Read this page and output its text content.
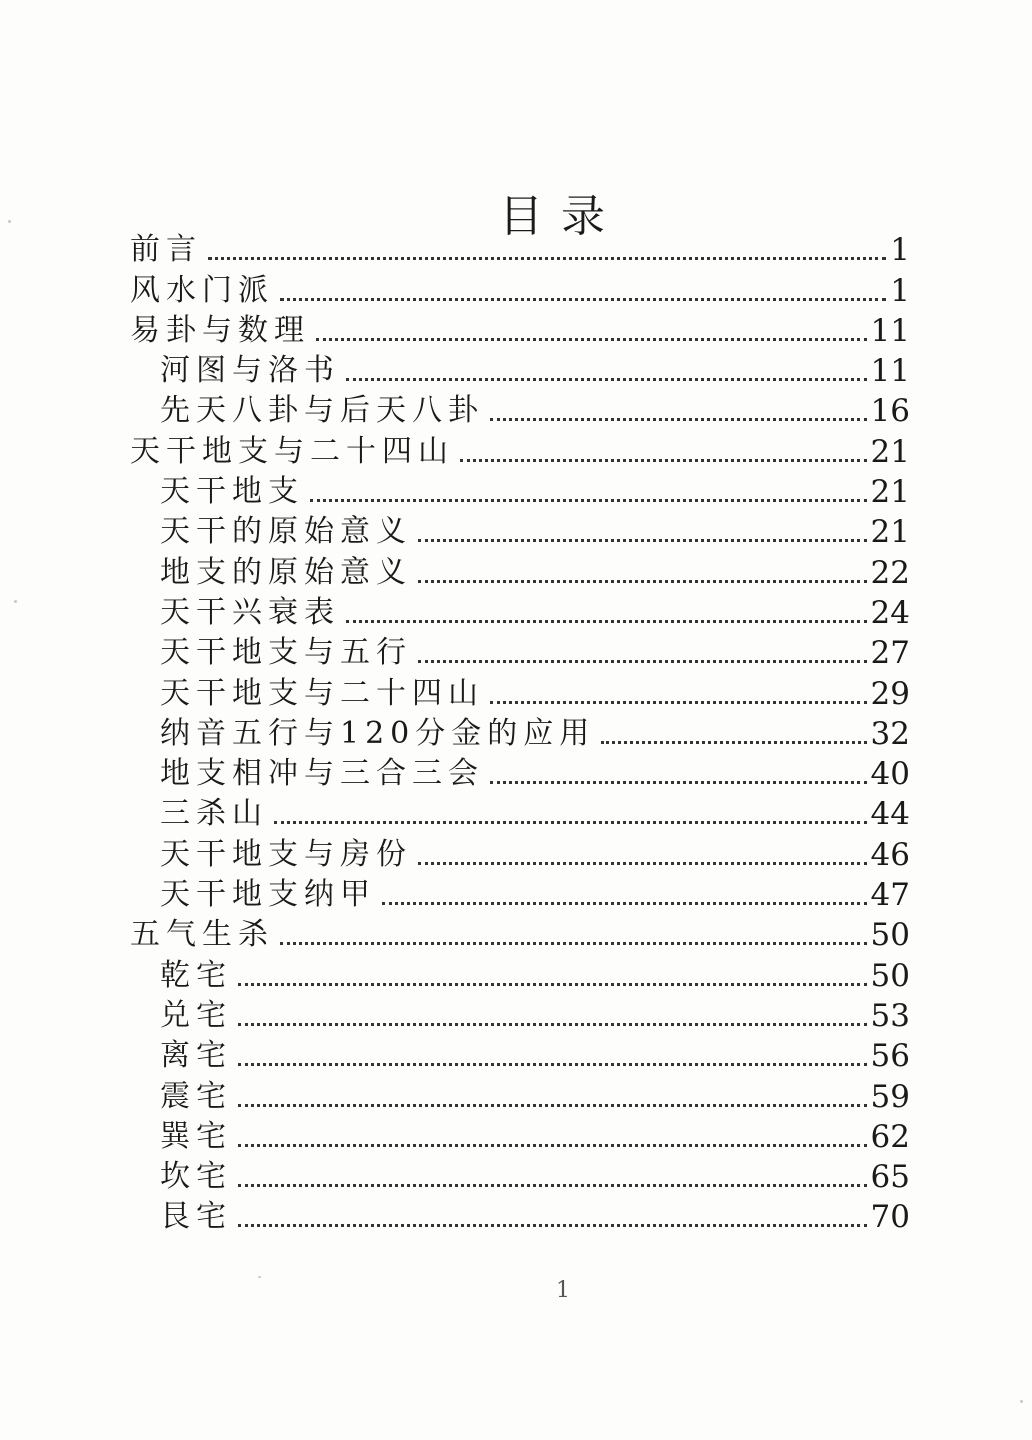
目录
前言	1
风水门派	1
易卦与数理	11
河图与洛书	11
先天八卦与后天八卦	16
天干地支与二十四山	21
天干地支	21
天干的原始意义	21
地支的原始意义	22
天干兴衰表	24
天干地支与五行	27
天干地支与二十四山	29
纳音五行与120分金的应用	32
地支相冲与三合三会	40
三杀山	44
天干地支与房份	46
天干地支纳甲	47
五气生杀	50
乾宅	50
兑宅	53
离宅	56
震宅	59
巽宅	62
坎宅	65
艮宅	70
1
